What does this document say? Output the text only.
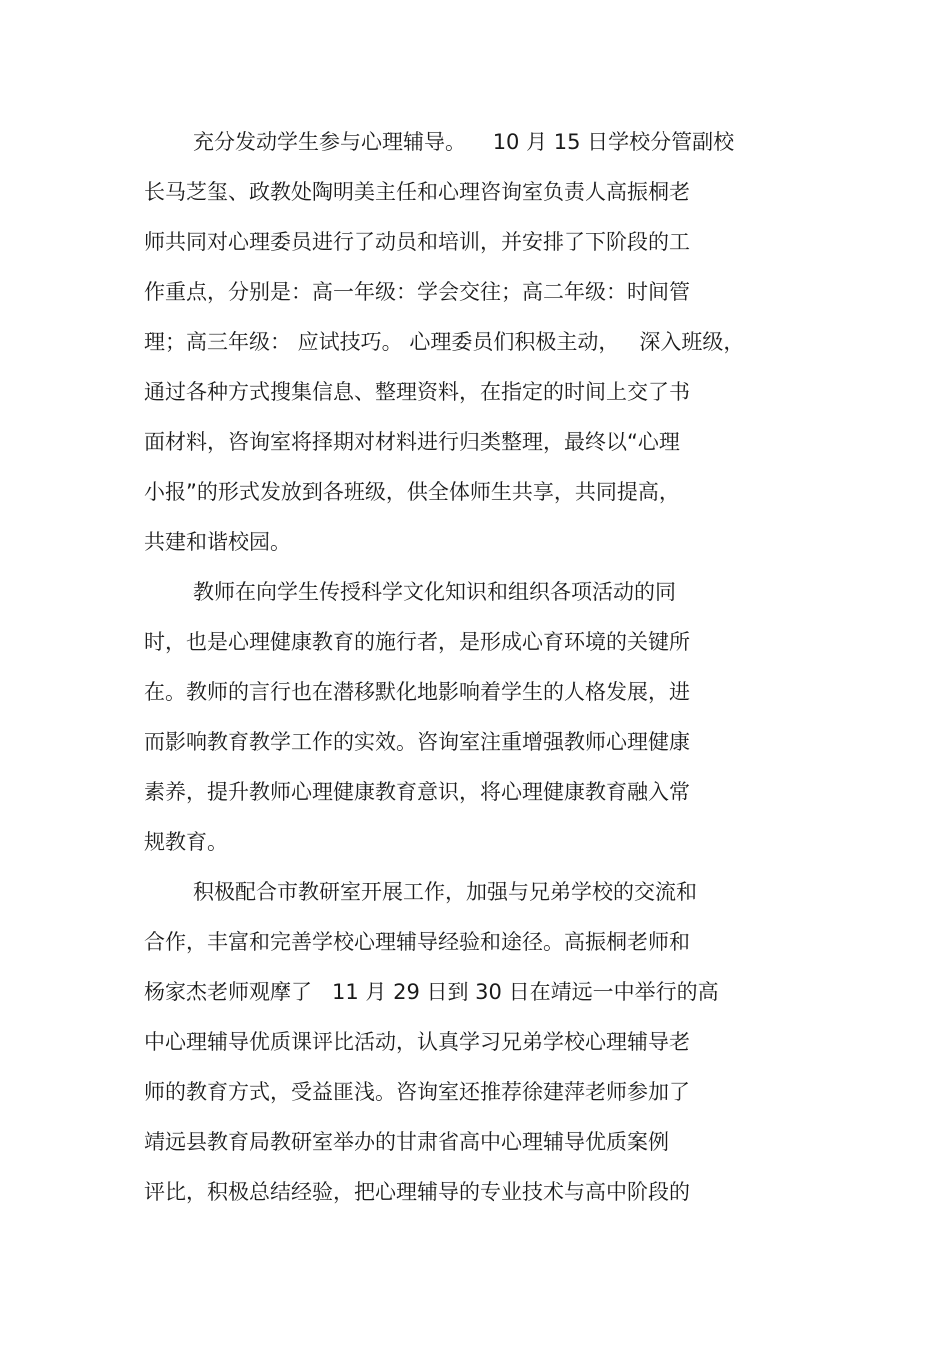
充分发动学生参与心理辅导。    10 月 15 日学校分管副校
长马芝玺、政教处陶明美主任和心理咨询室负责人高振桐老
师共同对心理委员进行了动员和培训，并安排了下阶段的工
作重点，分别是：高一年级：学会交往；高二年级：时间管
理；高三年级： 应试技巧。 心理委员们积极主动，   深入班级，
通过各种方式搜集信息、整理资料，在指定的时间上交了书
面材料，咨询室将择期对材料进行归类整理，最终以“心理
小报”的形式发放到各班级，供全体师生共享，共同提高，
共建和谐校园。
教师在向学生传授科学文化知识和组织各项活动的同
时，也是心理健康教育的施行者，是形成心育环境的关键所
在。教师的言行也在潜移默化地影响着学生的人格发展，进
而影响教育教学工作的实效。咨询室注重增强教师心理健康
素养，提升教师心理健康教育意识，将心理健康教育融入常
规教育。
积极配合市教研室开展工作，加强与兄弟学校的交流和
合作，丰富和完善学校心理辅导经验和途径。高振桐老师和
杨家杰老师观摩了   11 月 29 日到 30 日在靖远一中举行的高
中心理辅导优质课评比活动，认真学习兄弟学校心理辅导老
师的教育方式，受益匪浅。咨询室还推荐徐建萍老师参加了
靖远县教育局教研室举办的甘肃省高中心理辅导优质案例
评比，积极总结经验，把心理辅导的专业技术与高中阶段的
